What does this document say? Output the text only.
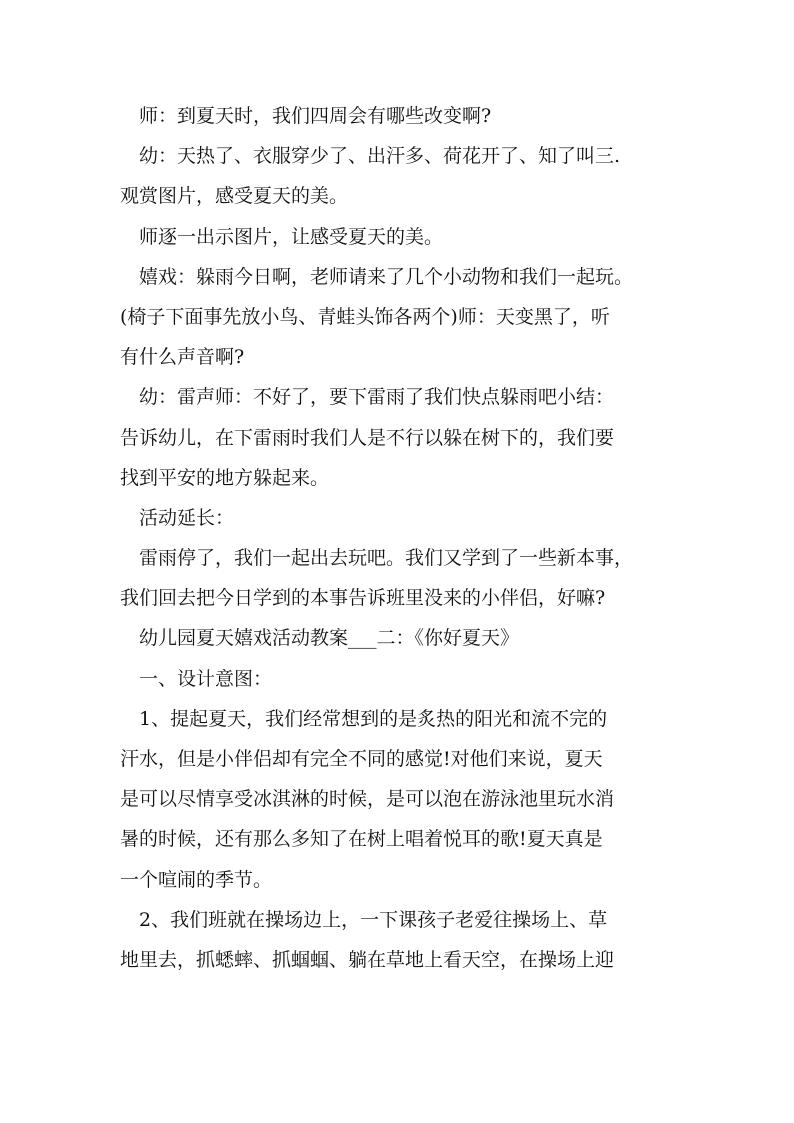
师：到夏天时，我们四周会有哪些改变啊?
幼：天热了、衣服穿少了、出汗多、荷花开了、知了叫三.
观赏图片，感受夏天的美。
师逐一出示图片，让感受夏天的美。
嬉戏：躲雨今日啊，老师请来了几个小动物和我们一起玩。
(椅子下面事先放小鸟、青蛙头饰各两个)师：天变黑了，听
有什么声音啊?
幼：雷声师：不好了，要下雷雨了我们快点躲雨吧小结：
告诉幼儿，在下雷雨时我们人是不行以躲在树下的，我们要
找到平安的地方躲起来。
活动延长：
雷雨停了，我们一起出去玩吧。我们又学到了一些新本事，
我们回去把今日学到的本事告诉班里没来的小伴侣，好嘛?
幼儿园夏天嬉戏活动教案___二：《你好夏天》
一、设计意图：
1、提起夏天，我们经常想到的是炙热的阳光和流不完的
汗水，但是小伴侣却有完全不同的感觉!对他们来说，夏天
是可以尽情享受冰淇淋的时候，是可以泡在游泳池里玩水消
暑的时候，还有那么多知了在树上唱着悦耳的歌!夏天真是
一个喧闹的季节。
2、我们班就在操场边上，一下课孩子老爱往操场上、草
地里去，抓蟋蟀、抓蝈蝈、躺在草地上看天空，在操场上迎
